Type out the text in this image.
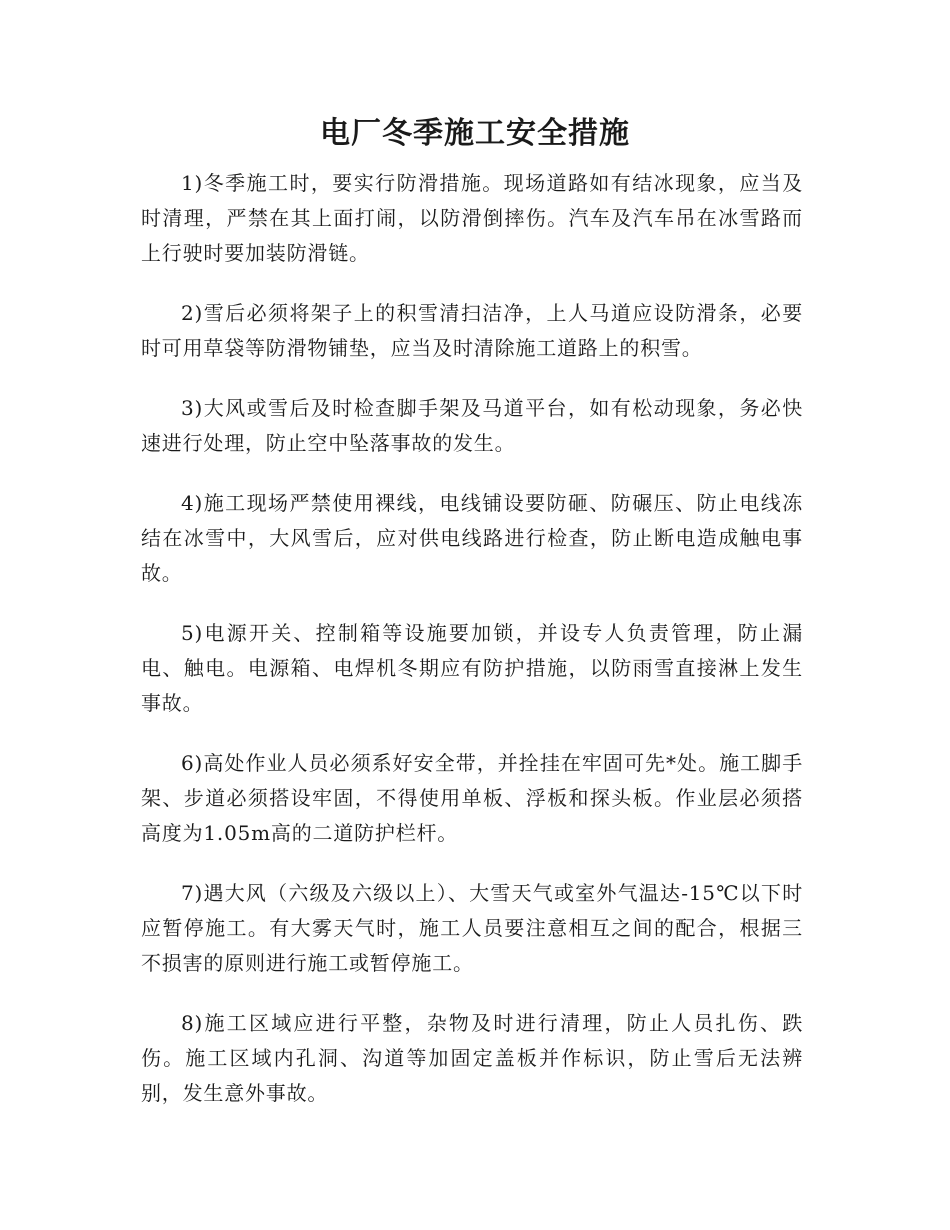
电厂冬季施工安全措施

1)冬季施工时，要实行防滑措施。现场道路如有结冰现象，应当及时清理，严禁在其上面打闹，以防滑倒摔伤。汽车及汽车吊在冰雪路而上行驶时要加装防滑链。

2)雪后必须将架子上的积雪清扫洁净，上人马道应设防滑条，必要时可用草袋等防滑物铺垫，应当及时清除施工道路上的积雪。

3)大风或雪后及时检查脚手架及马道平台，如有松动现象，务必快速进行处理，防止空中坠落事故的发生。

4)施工现场严禁使用裸线，电线铺设要防砸、防碾压、防止电线冻结在冰雪中，大风雪后，应对供电线路进行检查，防止断电造成触电事故。

5)电源开关、控制箱等设施要加锁，并设专人负责管理，防止漏电、触电。电源箱、电焊机冬期应有防护措施，以防雨雪直接淋上发生事故。

6)高处作业人员必须系好安全带，并拴挂在牢固可先*处。施工脚手架、步道必须搭设牢固，不得使用单板、浮板和探头板。作业层必须搭高度为1.05m高的二道防护栏杆。

7)遇大风（六级及六级以上）、大雪天气或室外气温达-15℃以下时应暂停施工。有大雾天气时，施工人员要注意相互之间的配合，根据三不损害的原则进行施工或暂停施工。

8)施工区域应进行平整，杂物及时进行清理，防止人员扎伤、跌伤。施工区域内孔洞、沟道等加固定盖板并作标识，防止雪后无法辨别，发生意外事故。
